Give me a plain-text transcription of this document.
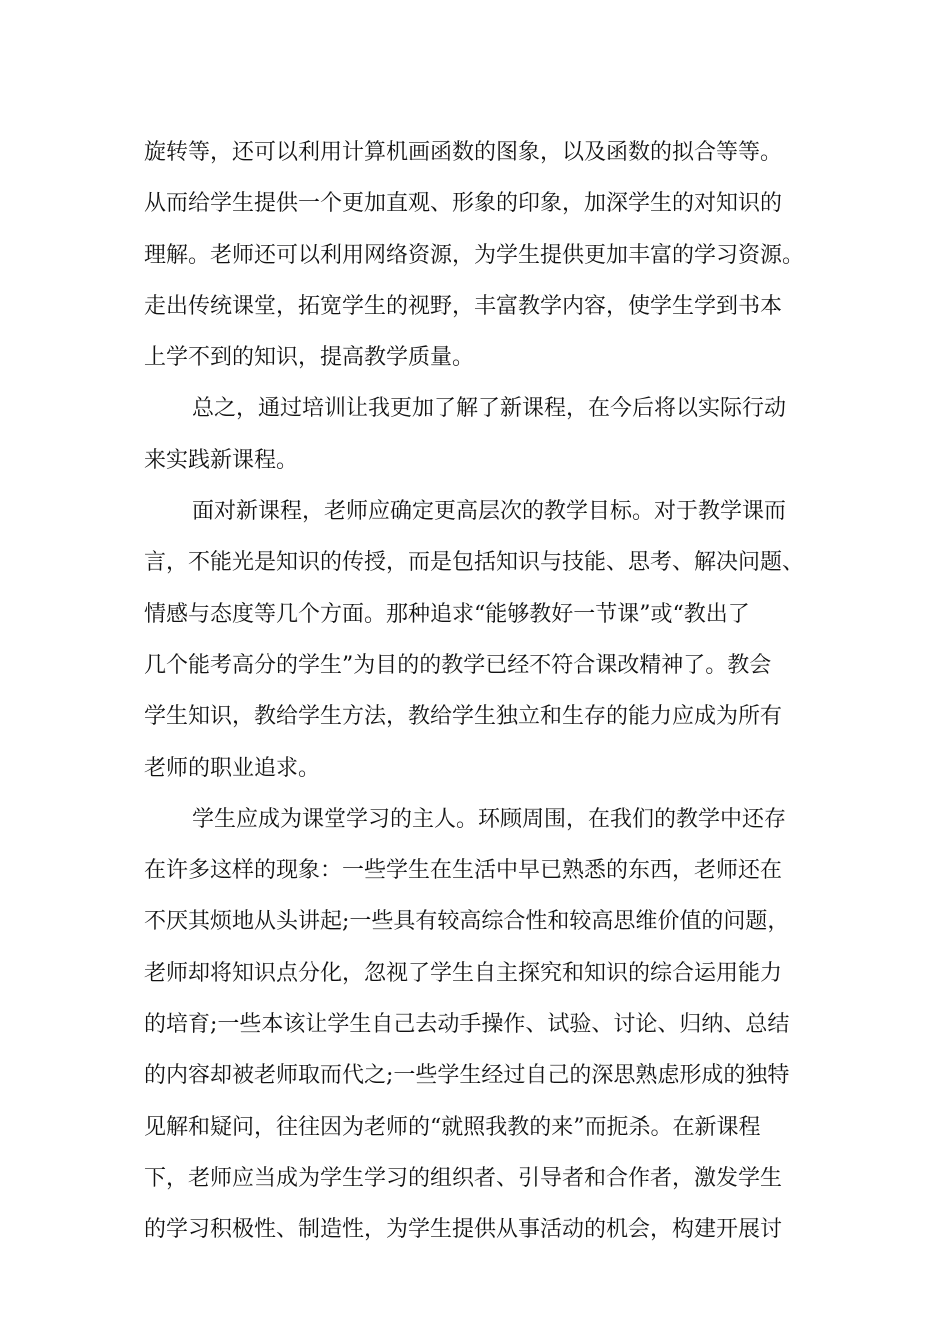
旋转等，还可以利用计算机画函数的图象，以及函数的拟合等等。
从而给学生提供一个更加直观、形象的印象，加深学生的对知识的
理解。老师还可以利用网络资源，为学生提供更加丰富的学习资源。
走出传统课堂，拓宽学生的视野，丰富教学内容，使学生学到书本
上学不到的知识，提高教学质量。
总之，通过培训让我更加了解了新课程，在今后将以实际行动
来实践新课程。
面对新课程，老师应确定更高层次的教学目标。对于教学课而
言，不能光是知识的传授，而是包括知识与技能、思考、解决问题、
情感与态度等几个方面。那种追求“能够教好一节课”或“教出了
几个能考高分的学生”为目的的教学已经不符合课改精神了。教会
学生知识，教给学生方法，教给学生独立和生存的能力应成为所有
老师的职业追求。
学生应成为课堂学习的主人。环顾周围，在我们的教学中还存
在许多这样的现象：一些学生在生活中早已熟悉的东西，老师还在
不厌其烦地从头讲起;一些具有较高综合性和较高思维价值的问题，
老师却将知识点分化，忽视了学生自主探究和知识的综合运用能力
的培育;一些本该让学生自己去动手操作、试验、讨论、归纳、总结
的内容却被老师取而代之;一些学生经过自己的深思熟虑形成的独特
见解和疑问，往往因为老师的“就照我教的来”而扼杀。在新课程
下，老师应当成为学生学习的组织者、引导者和合作者，激发学生
的学习积极性、制造性，为学生提供从事活动的机会，构建开展讨
